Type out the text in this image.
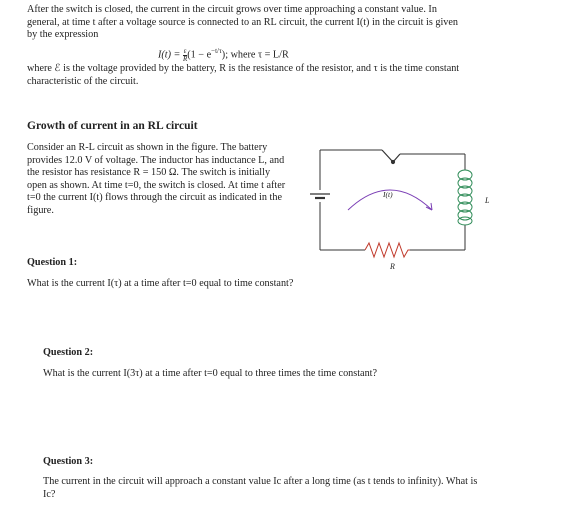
After the switch is closed, the current in the circuit grows over time approaching a constant value. In general, at time t after a voltage source is connected to an RL circuit, the current I(t) in the circuit is given by the expression

$I(t) = \frac{\varepsilon}{R} (1 - e^{-t/\tau})$; where τ = L/R

where ℰ is the voltage provided by the battery, R is the resistance of the resistor, and τ is the time constant characteristic of the circuit.

Growth of current in an RL circuit

Consider an R-L circuit as shown in the figure. The battery provides 12.0 V of voltage. The inductor has inductance L, and the resistor has resistance R = 150 Ω. The switch is initially open as shown. At time t=0, the switch is closed. At time t after t=0 the current I(t) flows through the circuit as indicated in the figure.

R
L
I(t)
Question 1:

What is the current I(τ) at a time after t=0 equal to time constant?

Question 2:

What is the current I(3τ) at a time after t=0 equal to three times the time constant?

Question 3:

The current in the circuit will approach a constant value Ic after a long time (as t tends to infinity). What is Ic?
